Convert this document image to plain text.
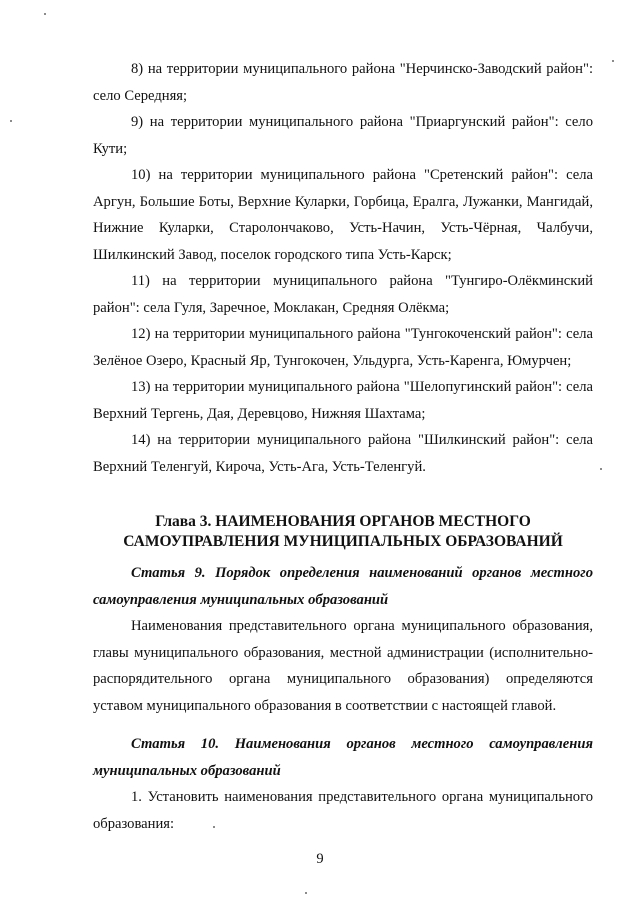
8) на территории муниципального района "Нерчинско-Заводский район": село Середняя;

9) на территории муниципального района "Приаргунский район": село Кути;

10) на территории муниципального района "Сретенский район": села Аргун, Большие Боты, Верхние Куларки, Горбица, Ералга, Лужанки, Мангидай, Нижние Куларки, Старолончаково, Усть-Начин, Усть-Чёрная, Чалбучи, Шилкинский Завод, поселок городского типа Усть-Карск;

11) на территории муниципального района "Тунгиро-Олёкминский район": села Гуля, Заречное, Моклакан, Средняя Олёкма;

12) на территории муниципального района "Тунгокоченский район": села Зелёное Озеро, Красный Яр, Тунгокочен, Ульдурга, Усть-Каренга, Юмурчен;

13) на территории муниципального района "Шелопугинский район": села Верхний Тергень, Дая, Деревцово, Нижняя Шахтама;

14) на территории муниципального района "Шилкинский район": села Верхний Теленгуй, Кироча, Усть-Ага, Усть-Теленгуй.

Глава 3. НАИМЕНОВАНИЯ ОРГАНОВ МЕСТНОГО
САМОУПРАВЛЕНИЯ МУНИЦИПАЛЬНЫХ ОБРАЗОВАНИЙ

Статья 9. Порядок определения наименований органов местного самоуправления муниципальных образований

Наименования представительного органа муниципального образования, главы муниципального образования, местной администрации (исполнительно-распорядительного органа муниципального образования) определяются уставом муниципального образования в соответствии с настоящей главой.

Статья 10. Наименования органов местного самоуправления муниципальных образований

1. Установить наименования представительного органа муниципального образования:

9
